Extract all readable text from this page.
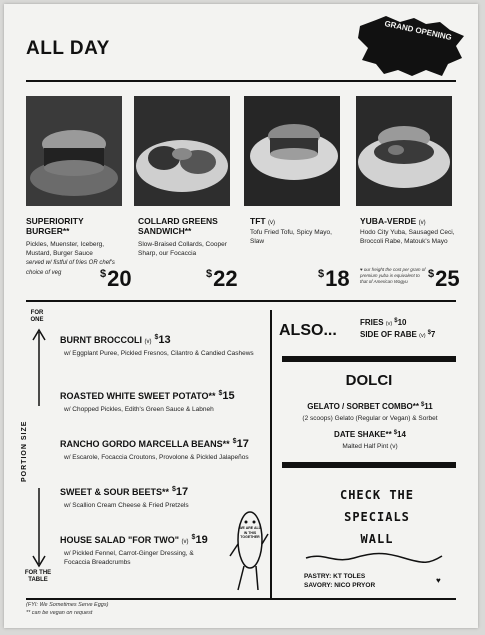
ALL DAY
GRAND OPENING
SUPERIORITY BURGER**
Pickles, Muenster, Iceberg, Mustard, Burger Sauce
served w/ fistful of fries OR chef's choice of veg	$20
COLLARD GREENS SANDWICH**
Slow-Braised Collards, Cooper Sharp, our Focaccia
$22
TFT (v)
Tofu Fried Tofu, Spicy Mayo, Slaw
$18
YUBA-VERDE (v)
Hodo City Yuba, Sausaged Ceci, Broccoli Rabe, Matouk's Mayo
♥ our freight the cost per gram of premium yuba is equivalent to that of American Wagyu
$25
FOR ONE
PORTION SIZE
FOR THE TABLE
BURNT BROCCOLI (v)$13
w/ Eggplant Puree, Pickled Fresnos, Cilantro & Candied Cashews
ROASTED WHITE SWEET POTATO** $15
w/ Chopped Pickles, Edith's Green Sauce & Labneh
RANCHO GORDO MARCELLA BEANS** $17
w/ Escarole, Focaccia Croutons, Provolone & Pickled Jalapeños
SWEET & SOUR BEETS** $17
w/ Scallion Cream Cheese & Fried Pretzels
HOUSE SALAD "FOR TWO" (v)$19
w/ Pickled Fennel, Carrot-Ginger Dressing, & Focaccia Breadcrumbs
WE ARE ALL IN THIS TOGETHER
ALSO...	FRIES (v) $10
SIDE OF RABE (v) $7
DOLCI
GELATO / SORBET COMBO** $11
(2 scoops) Gelato (Regular or Vegan) & Sorbet
DATE SHAKE** $14
Malted Half Pint (v)
CHECK THE
SPECIALS
WALL
PASTRY: KT TOLES
SAVORY: NICO PRYOR
♥
(FYI: We Sometimes Serve Eggs)
** can be vegan on request
